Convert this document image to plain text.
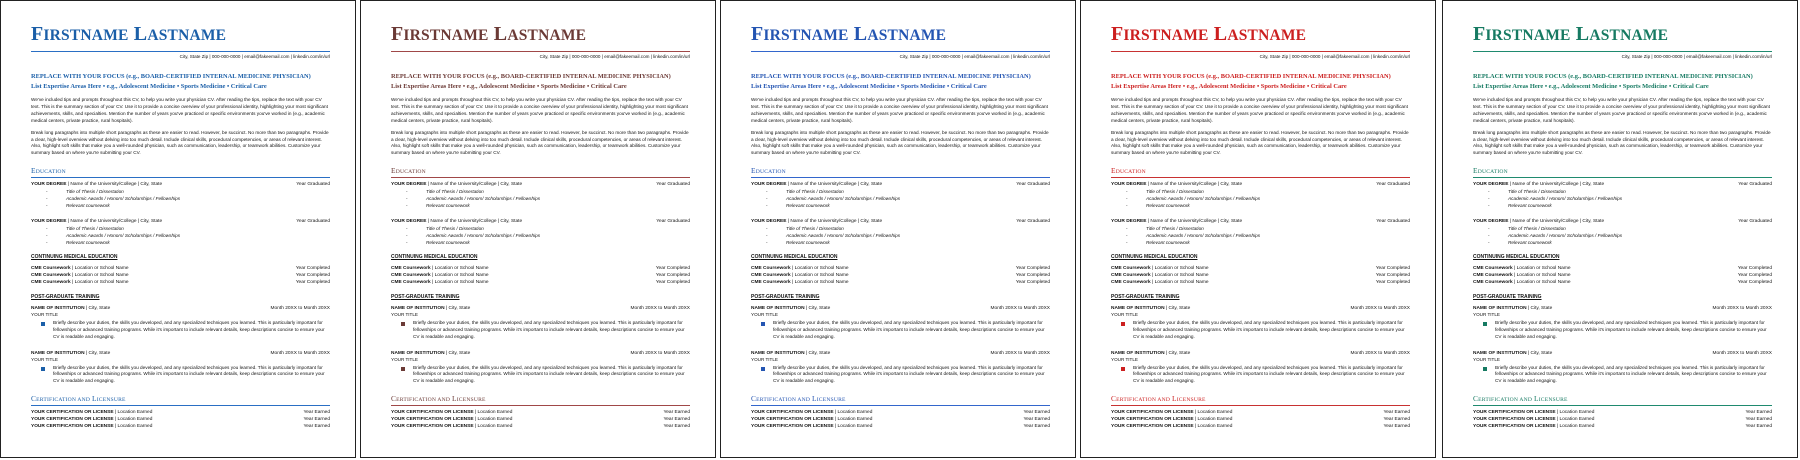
FIRSTNAME LASTNAME
City, State Zip | 000-000-0000 | email@fakeemail.com | linkedin.com/in/url
REPLACE WITH YOUR FOCUS (e.g., BOARD-CERTIFIED INTERNAL MEDICINE PHYSICIAN)
List Expertise Areas Here • e.g., Adolescent Medicine • Sports Medicine • Critical Care
We've included tips and prompts throughout this CV, to help you write your physician CV. After reading the tips, replace the text with your CV text. This is the summary section of your CV. Use it to provide a concise overview of your professional identity, highlighting your most significant achievements, skills, and specialties. Mention the number of years you've practiced or specific environments you've worked in (e.g., academic medical centers, private practice, rural hospitals).
Break long paragraphs into multiple short paragraphs as these are easier to read. However, be succinct. No more than two paragraphs. Provide a clear, high-level overview without delving into too much detail. Include clinical skills, procedural competencies, or areas of relevant interest. Also, highlight soft skills that make you a well-rounded physician, such as communication, leadership, or teamwork abilities. Customize your summary based on where you're submitting your CV.
EDUCATION
YOUR DEGREE | Name of the University/College | City, State	Year Graduated
-	Title of Thesis / Dissertation
-	Academic Awards / Honors/ Scholarships / Fellowships
-	Relevant coursework
YOUR DEGREE | Name of the University/College | City, State	Year Graduated
-	Title of Thesis / Dissertation
-	Academic Awards / Honors/ Scholarships / Fellowships
-	Relevant coursework
CONTINUING MEDICAL EDUCATION
CME Coursework | Location or School Name	Year Completed
CME Coursework | Location or School Name	Year Completed
CME Coursework | Location or School Name	Year Completed
POST-GRADUATE TRAINING
NAME OF INSTITUTION | City, State	Month 20XX to Month 20XX
YOUR TITLE
Briefly describe your duties, the skills you developed, and any specialized techniques you learned. This is particularly important for fellowships or advanced training programs. While it's important to include relevant details, keep descriptions concise to ensure your CV is readable and engaging.
NAME OF INSTITUTION | City, State	Month 20XX to Month 20XX
YOUR TITLE
Briefly describe your duties, the skills you developed, and any specialized techniques you learned. This is particularly important for fellowships or advanced training programs. While it's important to include relevant details, keep descriptions concise to ensure your CV is readable and engaging.
CERTIFICATION AND LICENSURE
YOUR CERTIFICATION OR LICENSE | Location Earned	Year Earned
YOUR CERTIFICATION OR LICENSE | Location Earned	Year Earned
YOUR CERTIFICATION OR LICENSE | Location Earned	Year Earned
FIRSTNAME LASTNAME
City, State Zip | 000-000-0000 | email@fakeemail.com | linkedin.com/in/url
REPLACE WITH YOUR FOCUS (e.g., BOARD-CERTIFIED INTERNAL MEDICINE PHYSICIAN)
List Expertise Areas Here • e.g., Adolescent Medicine • Sports Medicine • Critical Care
We've included tips and prompts throughout this CV, to help you write your physician CV. After reading the tips, replace the text with your CV text. This is the summary section of your CV. Use it to provide a concise overview of your professional identity, highlighting your most significant achievements, skills, and specialties. Mention the number of years you've practiced or specific environments you've worked in (e.g., academic medical centers, private practice, rural hospitals).
Break long paragraphs into multiple short paragraphs as these are easier to read. However, be succinct. No more than two paragraphs. Provide a clear, high-level overview without delving into too much detail. Include clinical skills, procedural competencies, or areas of relevant interest. Also, highlight soft skills that make you a well-rounded physician, such as communication, leadership, or teamwork abilities. Customize your summary based on where you're submitting your CV.
EDUCATION
YOUR DEGREE | Name of the University/College | City, State	Year Graduated
-	Title of Thesis / Dissertation
-	Academic Awards / Honors/ Scholarships / Fellowships
-	Relevant coursework
YOUR DEGREE | Name of the University/College | City, State	Year Graduated
-	Title of Thesis / Dissertation
-	Academic Awards / Honors/ Scholarships / Fellowships
-	Relevant coursework
CONTINUING MEDICAL EDUCATION
CME Coursework | Location or School Name	Year Completed
CME Coursework | Location or School Name	Year Completed
CME Coursework | Location or School Name	Year Completed
POST-GRADUATE TRAINING
NAME OF INSTITUTION | City, State	Month 20XX to Month 20XX
YOUR TITLE
Briefly describe your duties, the skills you developed, and any specialized techniques you learned. This is particularly important for fellowships or advanced training programs. While it's important to include relevant details, keep descriptions concise to ensure your CV is readable and engaging.
NAME OF INSTITUTION | City, State	Month 20XX to Month 20XX
YOUR TITLE
Briefly describe your duties, the skills you developed, and any specialized techniques you learned. This is particularly important for fellowships or advanced training programs. While it's important to include relevant details, keep descriptions concise to ensure your CV is readable and engaging.
CERTIFICATION AND LICENSURE
YOUR CERTIFICATION OR LICENSE | Location Earned	Year Earned
YOUR CERTIFICATION OR LICENSE | Location Earned	Year Earned
YOUR CERTIFICATION OR LICENSE | Location Earned	Year Earned
FIRSTNAME LASTNAME
City, State Zip | 000-000-0000 | email@fakeemail.com | linkedin.com/in/url
REPLACE WITH YOUR FOCUS (e.g., BOARD-CERTIFIED INTERNAL MEDICINE PHYSICIAN)
List Expertise Areas Here • e.g., Adolescent Medicine • Sports Medicine • Critical Care
We've included tips and prompts throughout this CV, to help you write your physician CV. After reading the tips, replace the text with your CV text. This is the summary section of your CV. Use it to provide a concise overview of your professional identity, highlighting your most significant achievements, skills, and specialties. Mention the number of years you've practiced or specific environments you've worked in (e.g., academic medical centers, private practice, rural hospitals).
Break long paragraphs into multiple short paragraphs as these are easier to read. However, be succinct. No more than two paragraphs. Provide a clear, high-level overview without delving into too much detail. Include clinical skills, procedural competencies, or areas of relevant interest. Also, highlight soft skills that make you a well-rounded physician, such as communication, leadership, or teamwork abilities. Customize your summary based on where you're submitting your CV.
EDUCATION
YOUR DEGREE | Name of the University/College | City, State	Year Graduated
-	Title of Thesis / Dissertation
-	Academic Awards / Honors/ Scholarships / Fellowships
-	Relevant coursework
YOUR DEGREE | Name of the University/College | City, State	Year Graduated
-	Title of Thesis / Dissertation
-	Academic Awards / Honors/ Scholarships / Fellowships
-	Relevant coursework
CONTINUING MEDICAL EDUCATION
CME Coursework | Location or School Name	Year Completed
CME Coursework | Location or School Name	Year Completed
CME Coursework | Location or School Name	Year Completed
POST-GRADUATE TRAINING
NAME OF INSTITUTION | City, State	Month 20XX to Month 20XX
YOUR TITLE
Briefly describe your duties, the skills you developed, and any specialized techniques you learned. This is particularly important for fellowships or advanced training programs. While it's important to include relevant details, keep descriptions concise to ensure your CV is readable and engaging.
NAME OF INSTITUTION | City, State	Month 20XX to Month 20XX
YOUR TITLE
Briefly describe your duties, the skills you developed, and any specialized techniques you learned. This is particularly important for fellowships or advanced training programs. While it's important to include relevant details, keep descriptions concise to ensure your CV is readable and engaging.
CERTIFICATION AND LICENSURE
YOUR CERTIFICATION OR LICENSE | Location Earned	Year Earned
YOUR CERTIFICATION OR LICENSE | Location Earned	Year Earned
YOUR CERTIFICATION OR LICENSE | Location Earned	Year Earned
FIRSTNAME LASTNAME
City, State Zip | 000-000-0000 | email@fakeemail.com | linkedin.com/in/url
REPLACE WITH YOUR FOCUS (e.g., BOARD-CERTIFIED INTERNAL MEDICINE PHYSICIAN)
List Expertise Areas Here • e.g., Adolescent Medicine • Sports Medicine • Critical Care
We've included tips and prompts throughout this CV, to help you write your physician CV. After reading the tips, replace the text with your CV text. This is the summary section of your CV. Use it to provide a concise overview of your professional identity, highlighting your most significant achievements, skills, and specialties. Mention the number of years you've practiced or specific environments you've worked in (e.g., academic medical centers, private practice, rural hospitals).
Break long paragraphs into multiple short paragraphs as these are easier to read. However, be succinct. No more than two paragraphs. Provide a clear, high-level overview without delving into too much detail. Include clinical skills, procedural competencies, or areas of relevant interest. Also, highlight soft skills that make you a well-rounded physician, such as communication, leadership, or teamwork abilities. Customize your summary based on where you're submitting your CV.
EDUCATION
YOUR DEGREE | Name of the University/College | City, State	Year Graduated
-	Title of Thesis / Dissertation
-	Academic Awards / Honors/ Scholarships / Fellowships
-	Relevant coursework
YOUR DEGREE | Name of the University/College | City, State	Year Graduated
-	Title of Thesis / Dissertation
-	Academic Awards / Honors/ Scholarships / Fellowships
-	Relevant coursework
CONTINUING MEDICAL EDUCATION
CME Coursework | Location or School Name	Year Completed
CME Coursework | Location or School Name	Year Completed
CME Coursework | Location or School Name	Year Completed
POST-GRADUATE TRAINING
NAME OF INSTITUTION | City, State	Month 20XX to Month 20XX
YOUR TITLE
Briefly describe your duties, the skills you developed, and any specialized techniques you learned. This is particularly important for fellowships or advanced training programs. While it's important to include relevant details, keep descriptions concise to ensure your CV is readable and engaging.
NAME OF INSTITUTION | City, State	Month 20XX to Month 20XX
YOUR TITLE
Briefly describe your duties, the skills you developed, and any specialized techniques you learned. This is particularly important for fellowships or advanced training programs. While it's important to include relevant details, keep descriptions concise to ensure your CV is readable and engaging.
CERTIFICATION AND LICENSURE
YOUR CERTIFICATION OR LICENSE | Location Earned	Year Earned
YOUR CERTIFICATION OR LICENSE | Location Earned	Year Earned
YOUR CERTIFICATION OR LICENSE | Location Earned	Year Earned
FIRSTNAME LASTNAME
City, State Zip | 000-000-0000 | email@fakeemail.com | linkedin.com/in/url
REPLACE WITH YOUR FOCUS (e.g., BOARD-CERTIFIED INTERNAL MEDICINE PHYSICIAN)
List Expertise Areas Here • e.g., Adolescent Medicine • Sports Medicine • Critical Care
We've included tips and prompts throughout this CV, to help you write your physician CV. After reading the tips, replace the text with your CV text. This is the summary section of your CV. Use it to provide a concise overview of your professional identity, highlighting your most significant achievements, skills, and specialties. Mention the number of years you've practiced or specific environments you've worked in (e.g., academic medical centers, private practice, rural hospitals).
Break long paragraphs into multiple short paragraphs as these are easier to read. However, be succinct. No more than two paragraphs. Provide a clear, high-level overview without delving into too much detail. Include clinical skills, procedural competencies, or areas of relevant interest. Also, highlight soft skills that make you a well-rounded physician, such as communication, leadership, or teamwork abilities. Customize your summary based on where you're submitting your CV.
EDUCATION
YOUR DEGREE | Name of the University/College | City, State	Year Graduated
-	Title of Thesis / Dissertation
-	Academic Awards / Honors/ Scholarships / Fellowships
-	Relevant coursework
YOUR DEGREE | Name of the University/College | City, State	Year Graduated
-	Title of Thesis / Dissertation
-	Academic Awards / Honors/ Scholarships / Fellowships
-	Relevant coursework
CONTINUING MEDICAL EDUCATION
CME Coursework | Location or School Name	Year Completed
CME Coursework | Location or School Name	Year Completed
CME Coursework | Location or School Name	Year Completed
POST-GRADUATE TRAINING
NAME OF INSTITUTION | City, State	Month 20XX to Month 20XX
YOUR TITLE
Briefly describe your duties, the skills you developed, and any specialized techniques you learned. This is particularly important for fellowships or advanced training programs. While it's important to include relevant details, keep descriptions concise to ensure your CV is readable and engaging.
NAME OF INSTITUTION | City, State	Month 20XX to Month 20XX
YOUR TITLE
Briefly describe your duties, the skills you developed, and any specialized techniques you learned. This is particularly important for fellowships or advanced training programs. While it's important to include relevant details, keep descriptions concise to ensure your CV is readable and engaging.
CERTIFICATION AND LICENSURE
YOUR CERTIFICATION OR LICENSE | Location Earned	Year Earned
YOUR CERTIFICATION OR LICENSE | Location Earned	Year Earned
YOUR CERTIFICATION OR LICENSE | Location Earned	Year Earned
